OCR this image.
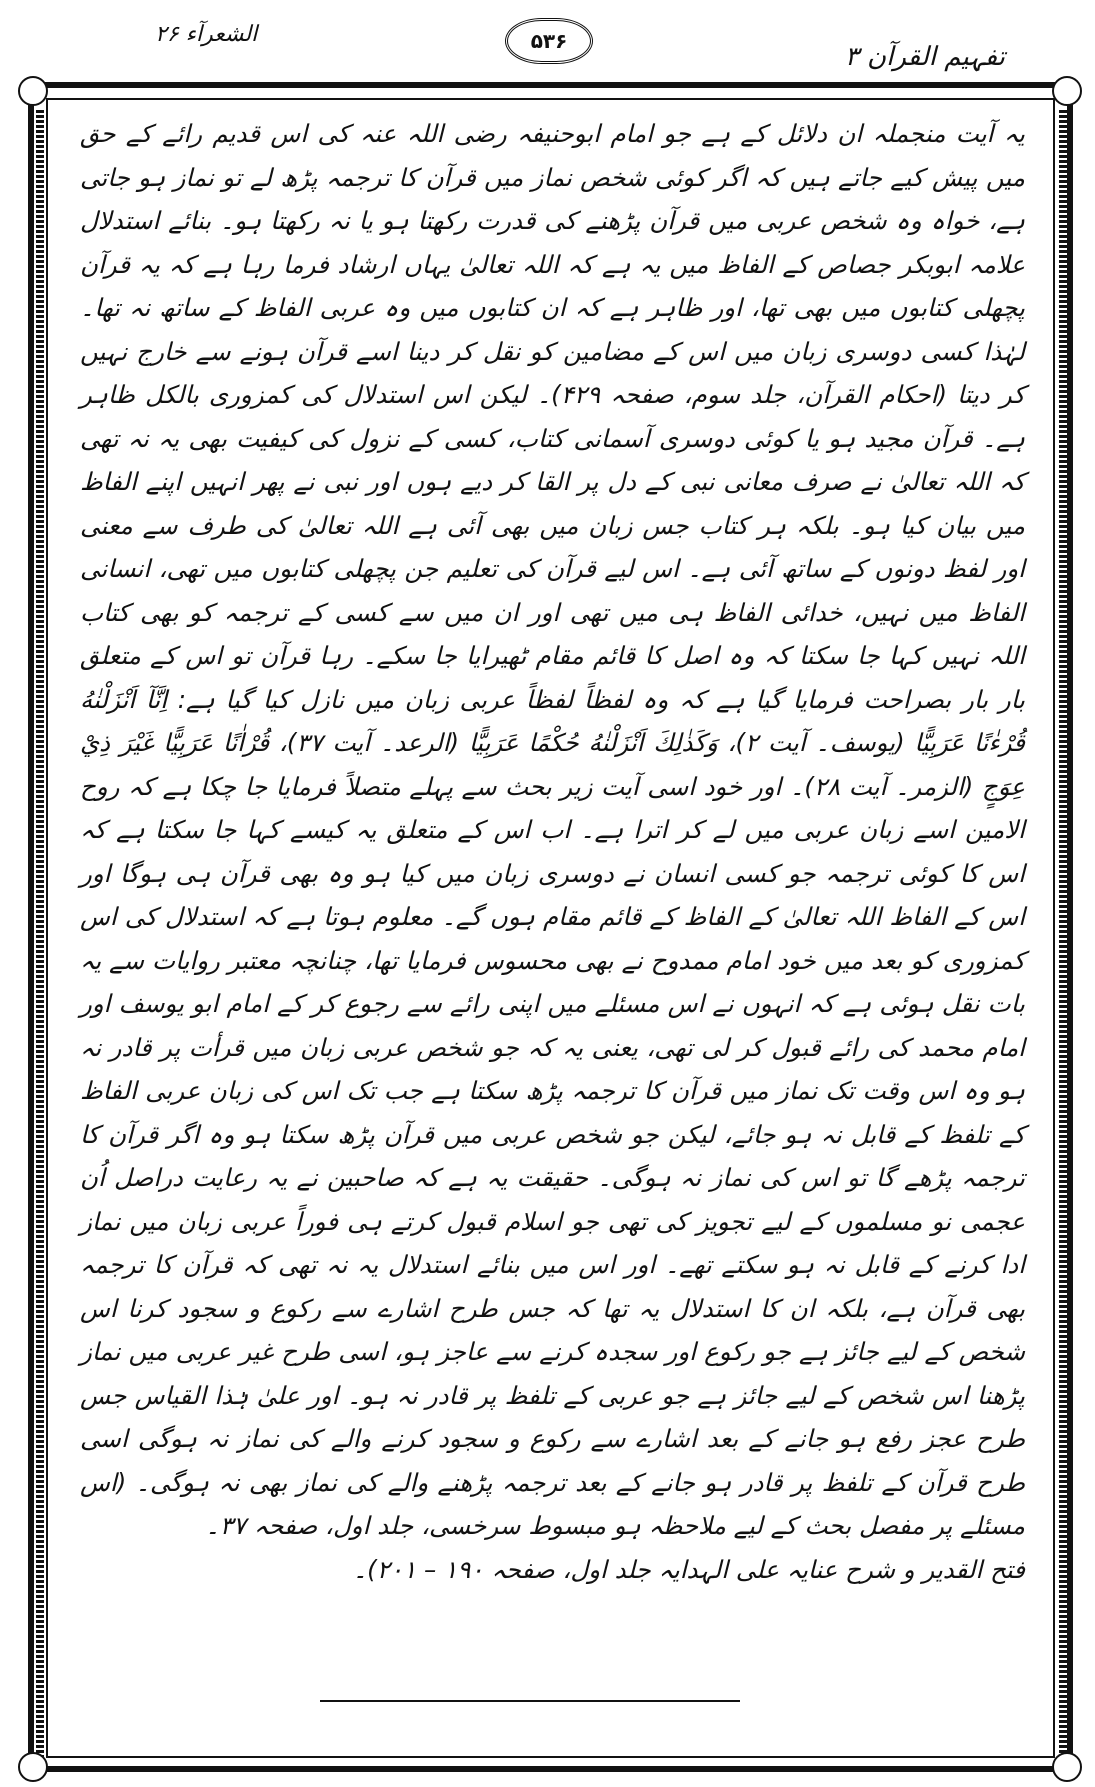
تفہیم القرآن ۳
۵۳۶
الشعرآء ۲۶

یہ آیت منجملہ ان دلائل کے ہے جو امام ابوحنیفہ رضی اللہ عنہ کی اس قدیم رائے کے حق میں پیش کیے جاتے ہیں کہ اگر کوئی شخص نماز میں قرآن کا ترجمہ پڑھ لے تو نماز ہو جاتی ہے، خواہ وہ شخص عربی میں قرآن پڑھنے کی قدرت رکھتا ہو یا نہ رکھتا ہو۔ بنائے استدلال علامہ ابوبکر جصاص کے الفاظ میں یہ ہے کہ اللہ تعالیٰ یہاں ارشاد فرما رہا ہے کہ یہ قرآن پچھلی کتابوں میں بھی تھا، اور ظاہر ہے کہ ان کتابوں میں وہ عربی الفاظ کے ساتھ نہ تھا۔ لہٰذا کسی دوسری زبان میں اس کے مضامین کو نقل کر دینا اسے قرآن ہونے سے خارج نہیں کر دیتا (احکام القرآن، جلد سوم، صفحہ ۴۲۹)۔ لیکن اس استدلال کی کمزوری بالکل ظاہر ہے۔ قرآن مجید ہو یا کوئی دوسری آسمانی کتاب، کسی کے نزول کی کیفیت بھی یہ نہ تھی کہ اللہ تعالیٰ نے صرف معانی نبی کے دل پر القا کر دیے ہوں اور نبی نے پھر انہیں اپنے الفاظ میں بیان کیا ہو۔ بلکہ ہر کتاب جس زبان میں بھی آئی ہے اللہ تعالیٰ کی طرف سے معنی اور لفظ دونوں کے ساتھ آئی ہے۔ اس لیے قرآن کی تعلیم جن پچھلی کتابوں میں تھی، انسانی الفاظ میں نہیں، خدائی الفاظ ہی میں تھی اور ان میں سے کسی کے ترجمہ کو بھی کتاب اللہ نہیں کہا جا سکتا کہ وہ اصل کا قائم مقام ٹھیرایا جا سکے۔ رہا قرآن تو اس کے متعلق بار بار بصراحت فرمایا گیا ہے کہ وہ لفظاً لفظاً عربی زبان میں نازل کیا گیا ہے: اِنَّآ اَنْزَلْنٰهُ قُرْءٰنًا عَرَبِيًّا (یوسف۔ آیت ۲)، وَكَذٰلِكَ اَنْزَلْنٰهُ حُكْمًا عَرَبِيًّا (الرعد۔ آیت ۳۷)، قُرْاٰنًا عَرَبِيًّا غَيْرَ ذِيْ عِوَجٍ (الزمر۔ آیت ۲۸)۔ اور خود اسی آیت زیر بحث سے پہلے متصلاً فرمایا جا چکا ہے کہ روح الامین اسے زبان عربی میں لے کر اترا ہے۔ اب اس کے متعلق یہ کیسے کہا جا سکتا ہے کہ اس کا کوئی ترجمہ جو کسی انسان نے دوسری زبان میں کیا ہو وہ بھی قرآن ہی ہوگا اور اس کے الفاظ اللہ تعالیٰ کے الفاظ کے قائم مقام ہوں گے۔ معلوم ہوتا ہے کہ استدلال کی اس کمزوری کو بعد میں خود امام ممدوح نے بھی محسوس فرمایا تھا، چنانچہ معتبر روایات سے یہ بات نقل ہوئی ہے کہ انہوں نے اس مسئلے میں اپنی رائے سے رجوع کر کے امام ابو یوسف اور امام محمد کی رائے قبول کر لی تھی، یعنی یہ کہ جو شخص عربی زبان میں قرأت پر قادر نہ ہو وہ اس وقت تک نماز میں قرآن کا ترجمہ پڑھ سکتا ہے جب تک اس کی زبان عربی الفاظ کے تلفظ کے قابل نہ ہو جائے، لیکن جو شخص عربی میں قرآن پڑھ سکتا ہو وہ اگر قرآن کا ترجمہ پڑھے گا تو اس کی نماز نہ ہوگی۔ حقیقت یہ ہے کہ صاحبین نے یہ رعایت دراصل اُن عجمی نو مسلموں کے لیے تجویز کی تھی جو اسلام قبول کرتے ہی فوراً عربی زبان میں نماز ادا کرنے کے قابل نہ ہو سکتے تھے۔ اور اس میں بنائے استدلال یہ نہ تھی کہ قرآن کا ترجمہ بھی قرآن ہے، بلکہ ان کا استدلال یہ تھا کہ جس طرح اشارے سے رکوع و سجود کرنا اس شخص کے لیے جائز ہے جو رکوع اور سجدہ کرنے سے عاجز ہو، اسی طرح غیر عربی میں نماز پڑھنا اس شخص کے لیے جائز ہے جو عربی کے تلفظ پر قادر نہ ہو۔ اور علیٰ ہٰذا القیاس جس طرح عجز رفع ہو جانے کے بعد اشارے سے رکوع و سجود کرنے والے کی نماز نہ ہوگی اسی طرح قرآن کے تلفظ پر قادر ہو جانے کے بعد ترجمہ پڑھنے والے کی نماز بھی نہ ہوگی۔ (اس مسئلے پر مفصل بحث کے لیے ملاحظہ ہو مبسوط سرخسی، جلد اول، صفحہ ۳۷۔

فتح القدیر و شرح عنایہ علی الہدایہ جلد اول، صفحہ ۱۹۰ – ۲۰۱)۔
